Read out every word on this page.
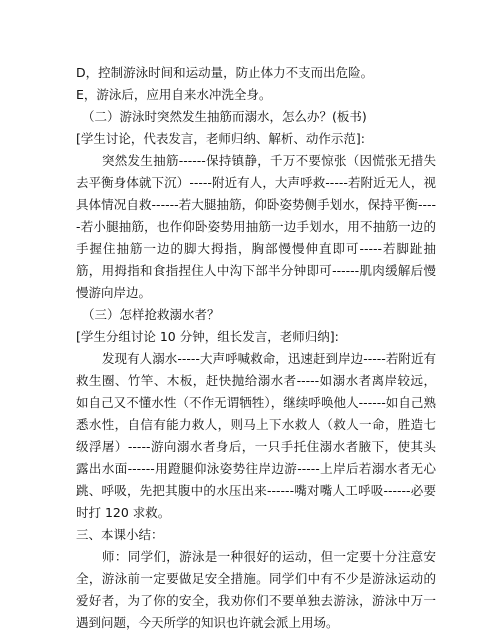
D，控制游泳时间和运动量，防止体力不支而出危险。
E，游泳后，应用自来水冲洗全身。
（二）游泳时突然发生抽筋而溺水，怎么办？(板书)
[学生讨论，代表发言，老师归纳、解析、动作示范]:

突然发生抽筋------保持镇静，千万不要惊张（因慌张无措失去平衡身体就下沉）-----附近有人，大声呼救-----若附近无人，视具体情况自救------若大腿抽筋，仰卧姿势侧手划水，保持平衡-----若小腿抽筋，也作仰卧姿势用抽筋一边手划水，用不抽筋一边的手握住抽筋一边的脚大拇指，胸部慢慢伸直即可-----若脚趾抽筋，用拇指和食指捏住人中沟下部半分钟即可------肌肉缓解后慢慢游向岸边。

（三）怎样抢救溺水者？
[学生分组讨论 10 分钟，组长发言，老师归纳]:

发现有人溺水-----大声呼喊救命，迅速赶到岸边-----若附近有救生圈、竹竿、木板，赶快抛给溺水者-----如溺水者离岸较远，如自己又不懂水性（不作无谓牺牲），继续呼唤他人------如自己熟悉水性，自信有能力救人，则马上下水救人（救人一命，胜造七级浮屠）-----游向溺水者身后，一只手托住溺水者腋下，使其头露出水面------用蹬腿仰泳姿势往岸边游-----上岸后若溺水者无心跳、呼吸，先把其腹中的水压出来------嘴对嘴人工呼吸------必要时打 120 求救。

三、本课小结：

师：同学们，游泳是一种很好的运动，但一定要十分注意安全，游泳前一定要做足安全措施。同学们中有不少是游泳运动的爱好者，为了你的安全，我劝你们不要单独去游泳，游泳中万一遇到问题，今天所学的知识也许就会派上用场。
